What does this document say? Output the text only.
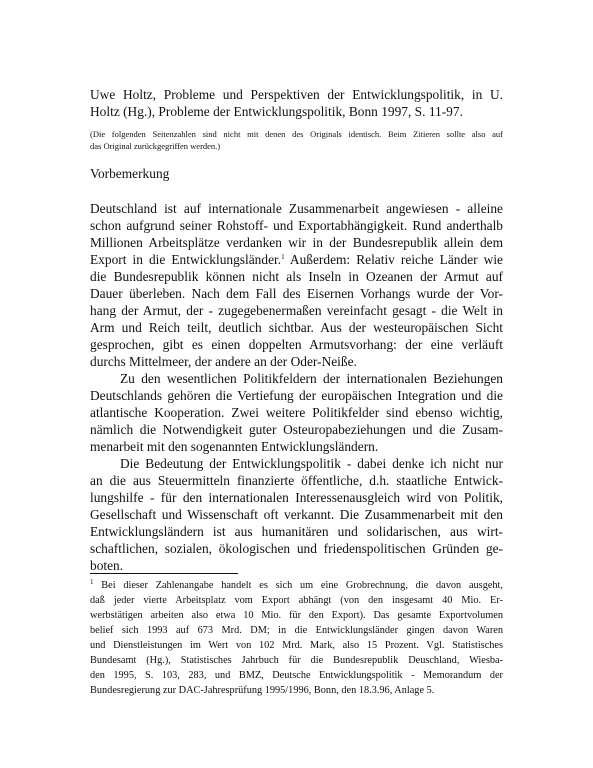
Uwe Holtz, Probleme und Perspektiven der Entwicklungspolitik, in U.
Holtz (Hg.), Probleme der Entwicklungspolitik, Bonn 1997, S. 11-97.
(Die folgenden Seitenzahlen sind nicht mit denen des Originals identisch. Beim Zitieren sollte also auf
das Original zurückgegriffen werden.)
Vorbemerkung
Deutschland ist auf internationale Zusammenarbeit angewiesen - alleine
schon aufgrund seiner Rohstoff- und Exportabhängigkeit. Rund anderthalb
Millionen Arbeitsplätze verdanken wir in der Bundesrepublik allein dem
Export in die Entwicklungsländer.$^1$ Außerdem: Relativ reiche Länder wie
die Bundesrepublik können nicht als Inseln in Ozeanen der Armut auf
Dauer überleben. Nach dem Fall des Eisernen Vorhangs wurde der Vor-
hang der Armut, der - zugegebenermaßen vereinfacht gesagt - die Welt in
Arm und Reich teilt, deutlich sichtbar. Aus der westeuropäischen Sicht
gesprochen, gibt es einen doppelten Armutsvorhang: der eine verläuft
durchs Mittelmeer, der andere an der Oder-Neiße.
Zu den wesentlichen Politikfeldern der internationalen Beziehungen
Deutschlands gehören die Vertiefung der europäischen Integration und die
atlantische Kooperation. Zwei weitere Politikfelder sind ebenso wichtig,
nämlich die Notwendigkeit guter Osteuropabeziehungen und die Zusam-
menarbeit mit den sogenannten Entwicklungsländern.
Die Bedeutung der Entwicklungspolitik - dabei denke ich nicht nur
an die aus Steuermitteln finanzierte öffentliche, d.h. staatliche Entwick-
lungshilfe - für den internationalen Interessenausgleich wird von Politik,
Gesellschaft und Wissenschaft oft verkannt. Die Zusammenarbeit mit den
Entwicklungsländern ist aus humanitären und solidarischen, aus wirt-
schaftlichen, sozialen, ökologischen und friedenspolitischen Gründen ge-
boten.
$^1$ Bei dieser Zahlenangabe handelt es sich um eine Grobrechnung, die davon ausgeht,
daß jeder vierte Arbeitsplatz vom Export abhängt (von den insgesamt 40 Mio. Er-
werbstätigen arbeiten also etwa 10 Mio. für den Export). Das gesamte Exportvolumen
belief sich 1993 auf 673 Mrd. DM; in die Entwicklungsländer gingen davon Waren
und Dienstleistungen im Wert von 102 Mrd. Mark, also 15 Prozent. Vgl. Statistisches
Bundesamt (Hg.), Statistisches Jahrbuch für die Bundesrepublik Deuschland, Wiesba-
den 1995, S. 103, 283, und BMZ, Deutsche Entwicklungspolitik - Memorandum der
Bundesregierung zur DAC-Jahresprüfung 1995/1996, Bonn, den 18.3.96, Anlage 5.
